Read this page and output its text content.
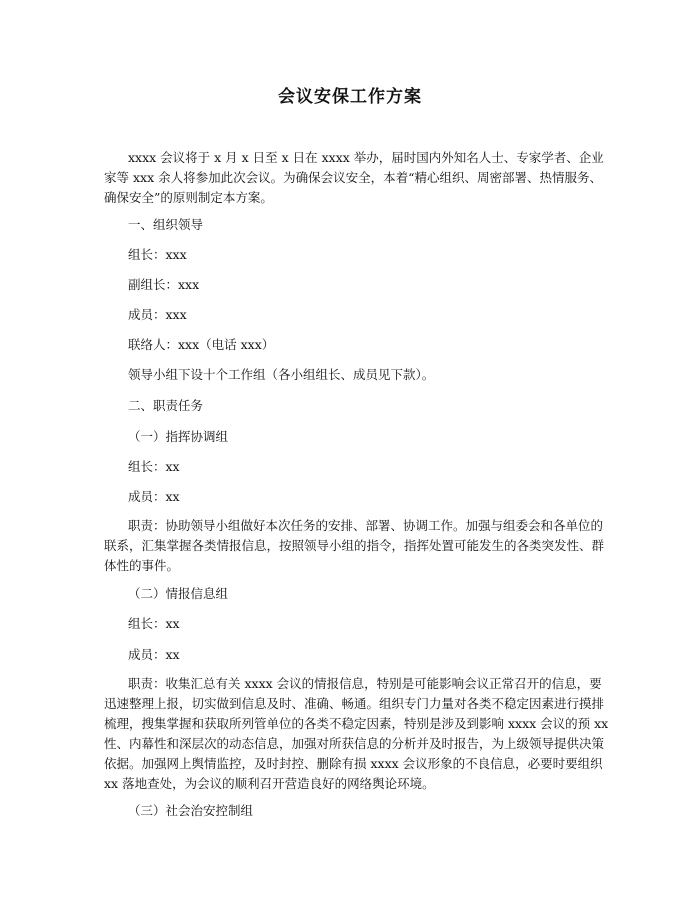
会议安保工作方案

xxxx 会议将于 x 月 x 日至 x 日在 xxxx 举办，届时国内外知名人士、专家学者、企业家等 xxx 余人将参加此次会议。为确保会议安全，本着“精心组织、周密部署、热情服务、确保安全”的原则制定本方案。

一、组织领导

组长：xxx

副组长：xxx

成员：xxx

联络人：xxx（电话 xxx）

领导小组下设十个工作组（各小组组长、成员见下款）。

二、职责任务

（一）指挥协调组

组长：xx

成员：xx

职责：协助领导小组做好本次任务的安排、部署、协调工作。加强与组委会和各单位的联系，汇集掌握各类情报信息，按照领导小组的指令，指挥处置可能发生的各类突发性、群体性的事件。

（二）情报信息组

组长：xx

成员：xx

职责：收集汇总有关 xxxx 会议的情报信息，特别是可能影响会议正常召开的信息，要迅速整理上报，切实做到信息及时、准确、畅通。组织专门力量对各类不稳定因素进行摸排梳理，搜集掌握和获取所列管单位的各类不稳定因素，特别是涉及到影响 xxxx 会议的预 xx 性、内幕性和深层次的动态信息，加强对所获信息的分析并及时报告，为上级领导提供决策依据。加强网上舆情监控，及时封控、删除有损 xxxx 会议形象的不良信息，必要时要组织 xx 落地查处，为会议的顺利召开营造良好的网络舆论环境。

（三）社会治安控制组
